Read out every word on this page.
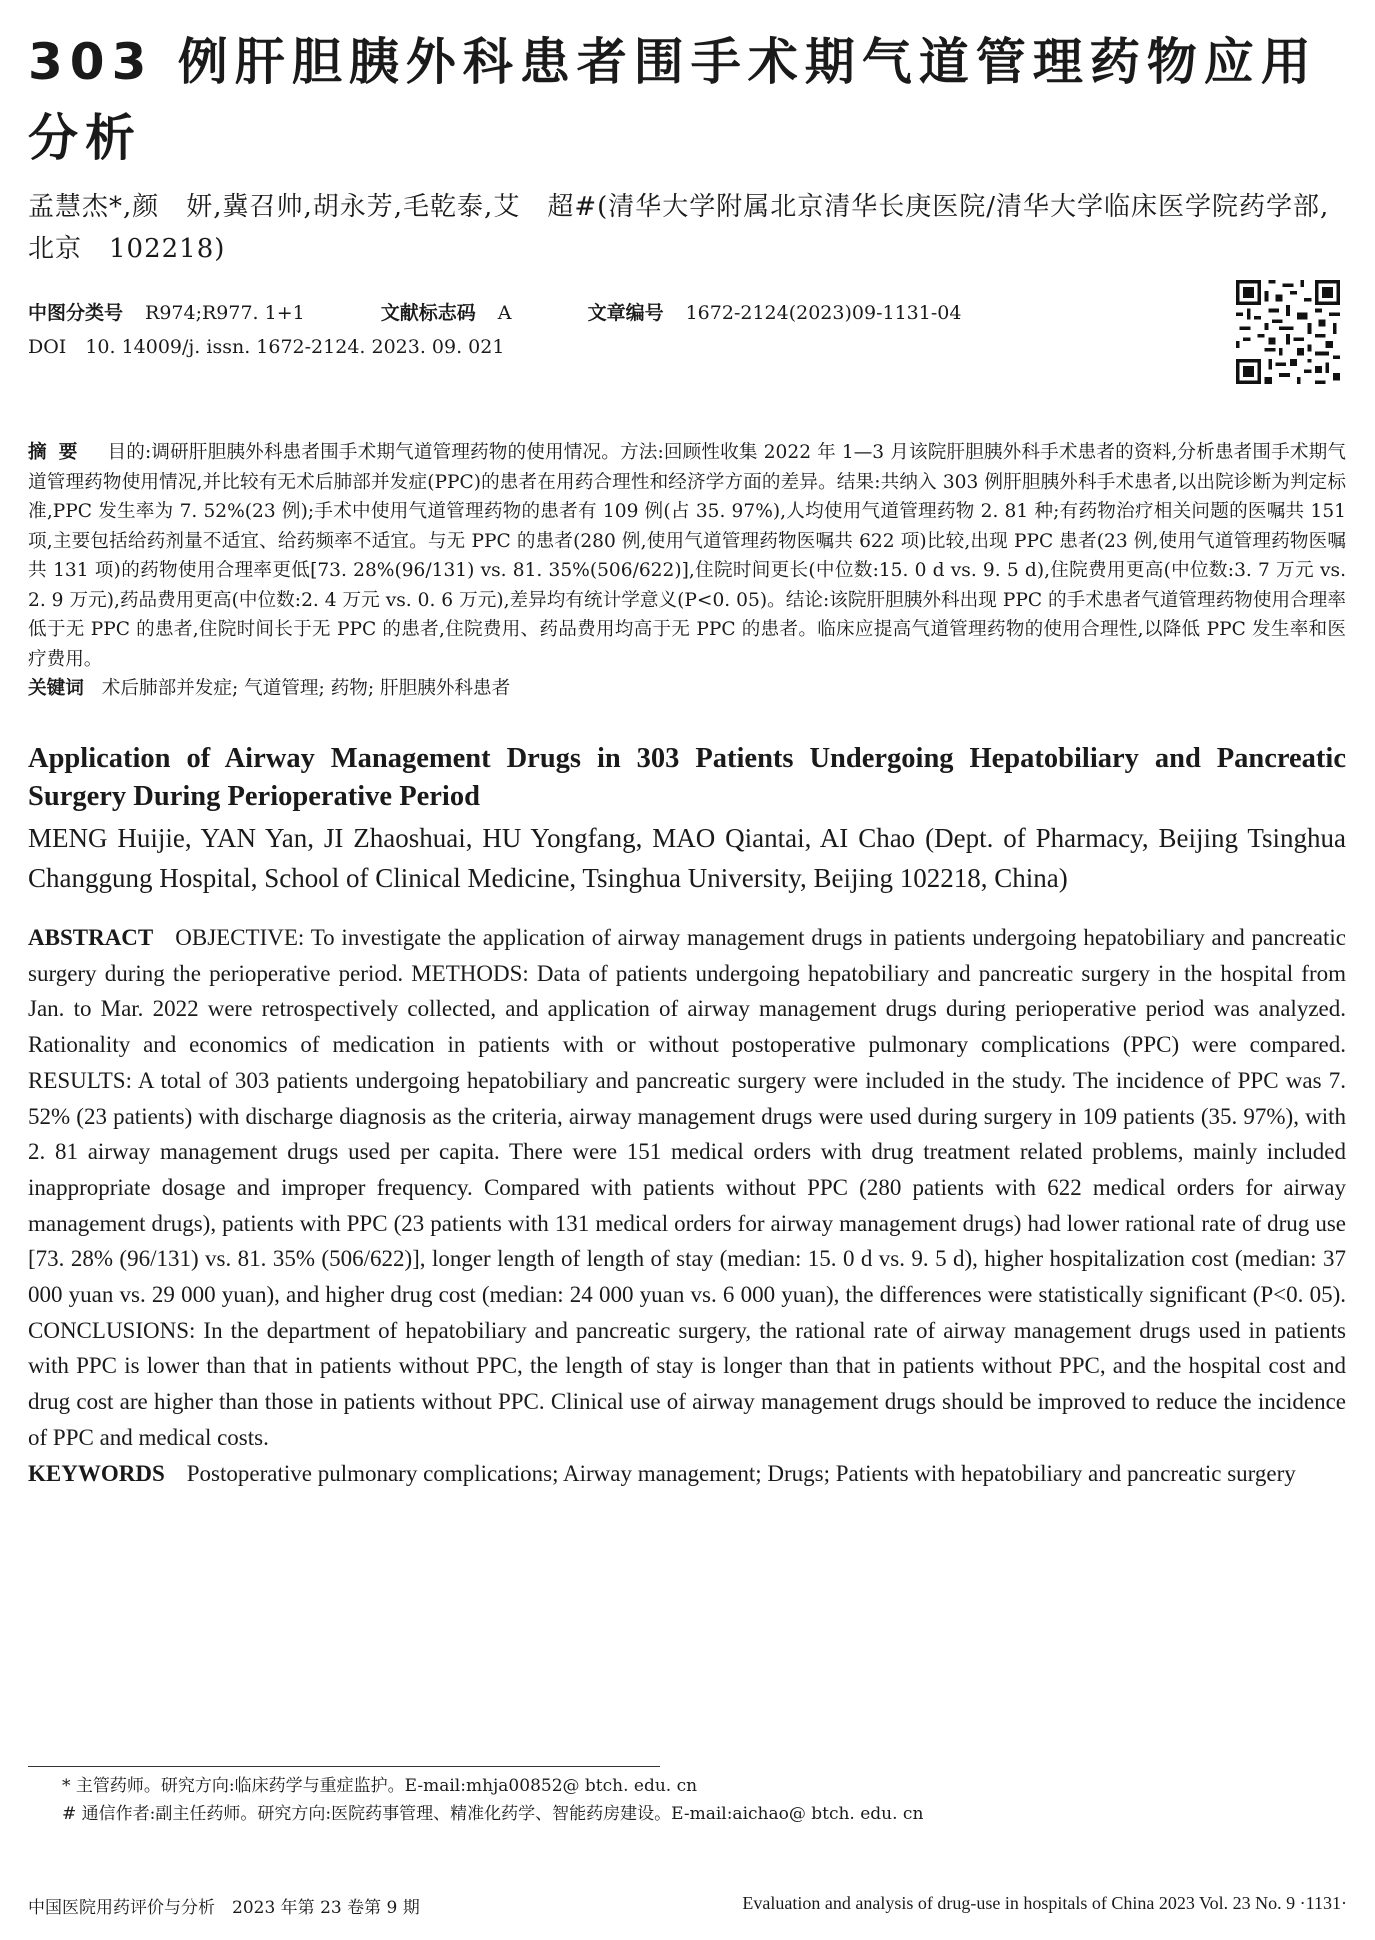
303 例肝胆胰外科患者围手术期气道管理药物应用分析
孟慧杰*,颜　妍,冀召帅,胡永芳,毛乾泰,艾　超#(清华大学附属北京清华长庚医院/清华大学临床医学院药学部,北京　102218)
中图分类号 R974;R977. 1+1	文献标志码 A	文章编号 1672-2124(2023)09-1131-04
DOI　10. 14009/j. issn. 1672-2124. 2023. 09. 021
摘要 目的:调研肝胆胰外科患者围手术期气道管理药物的使用情况。方法:回顾性收集 2022 年 1—3 月该院肝胆胰外科手术患者的资料,分析患者围手术期气道管理药物使用情况,并比较有无术后肺部并发症(PPC)的患者在用药合理性和经济学方面的差异。结果:共纳入 303 例肝胆胰外科手术患者,以出院诊断为判定标准,PPC 发生率为 7. 52%(23 例);手术中使用气道管理药物的患者有 109 例(占 35. 97%),人均使用气道管理药物 2. 81 种;有药物治疗相关问题的医嘱共 151 项,主要包括给药剂量不适宜、给药频率不适宜。与无 PPC 的患者(280 例,使用气道管理药物医嘱共 622 项)比较,出现 PPC 患者(23 例,使用气道管理药物医嘱共 131 项)的药物使用合理率更低[73. 28%(96/131) vs. 81. 35%(506/622)],住院时间更长(中位数:15. 0 d vs. 9. 5 d),住院费用更高(中位数:3. 7 万元 vs. 2. 9 万元),药品费用更高(中位数:2. 4 万元 vs. 0. 6 万元),差异均有统计学意义(P<0. 05)。结论:该院肝胆胰外科出现 PPC 的手术患者气道管理药物使用合理率低于无 PPC 的患者,住院时间长于无 PPC 的患者,住院费用、药品费用均高于无 PPC 的患者。临床应提高气道管理药物的使用合理性,以降低 PPC 发生率和医疗费用。
关键词 术后肺部并发症; 气道管理; 药物; 肝胆胰外科患者
Application of Airway Management Drugs in 303 Patients Undergoing Hepatobiliary and Pancreatic Surgery During Perioperative Period
MENG Huijie, YAN Yan, JI Zhaoshuai, HU Yongfang, MAO Qiantai, AI Chao (Dept. of Pharmacy, Beijing Tsinghua Changgung Hospital, School of Clinical Medicine, Tsinghua University, Beijing 102218, China)
ABSTRACT OBJECTIVE: To investigate the application of airway management drugs in patients undergoing hepatobiliary and pancreatic surgery during the perioperative period. METHODS: Data of patients undergoing hepatobiliary and pancreatic surgery in the hospital from Jan. to Mar. 2022 were retrospectively collected, and application of airway management drugs during perioperative period was analyzed. Rationality and economics of medication in patients with or without postoperative pulmonary complications (PPC) were compared. RESULTS: A total of 303 patients undergoing hepatobiliary and pancreatic surgery were included in the study. The incidence of PPC was 7. 52% (23 patients) with discharge diagnosis as the criteria, airway management drugs were used during surgery in 109 patients (35. 97%), with 2. 81 airway management drugs used per capita. There were 151 medical orders with drug treatment related problems, mainly included inappropriate dosage and improper frequency. Compared with patients without PPC (280 patients with 622 medical orders for airway management drugs), patients with PPC (23 patients with 131 medical orders for airway management drugs) had lower rational rate of drug use [73. 28% (96/131) vs. 81. 35% (506/622)], longer length of length of stay (median: 15. 0 d vs. 9. 5 d), higher hospitalization cost (median: 37 000 yuan vs. 29 000 yuan), and higher drug cost (median: 24 000 yuan vs. 6 000 yuan), the differences were statistically significant (P<0. 05). CONCLUSIONS: In the department of hepatobiliary and pancreatic surgery, the rational rate of airway management drugs used in patients with PPC is lower than that in patients without PPC, the length of stay is longer than that in patients without PPC, and the hospital cost and drug cost are higher than those in patients without PPC. Clinical use of airway management drugs should be improved to reduce the incidence of PPC and medical costs.
KEYWORDS Postoperative pulmonary complications; Airway management; Drugs; Patients with hepatobiliary and pancreatic surgery
* 主管药师。研究方向:临床药学与重症监护。E-mail:mhja00852@ btch. edu. cn
# 通信作者:副主任药师。研究方向:医院药事管理、精准化药学、智能药房建设。E-mail:aichao@ btch. edu. cn
中国医院用药评价与分析　2023 年第 23 卷第 9 期	Evaluation and analysis of drug-use in hospitals of China 2023 Vol. 23 No. 9 ·1131·
